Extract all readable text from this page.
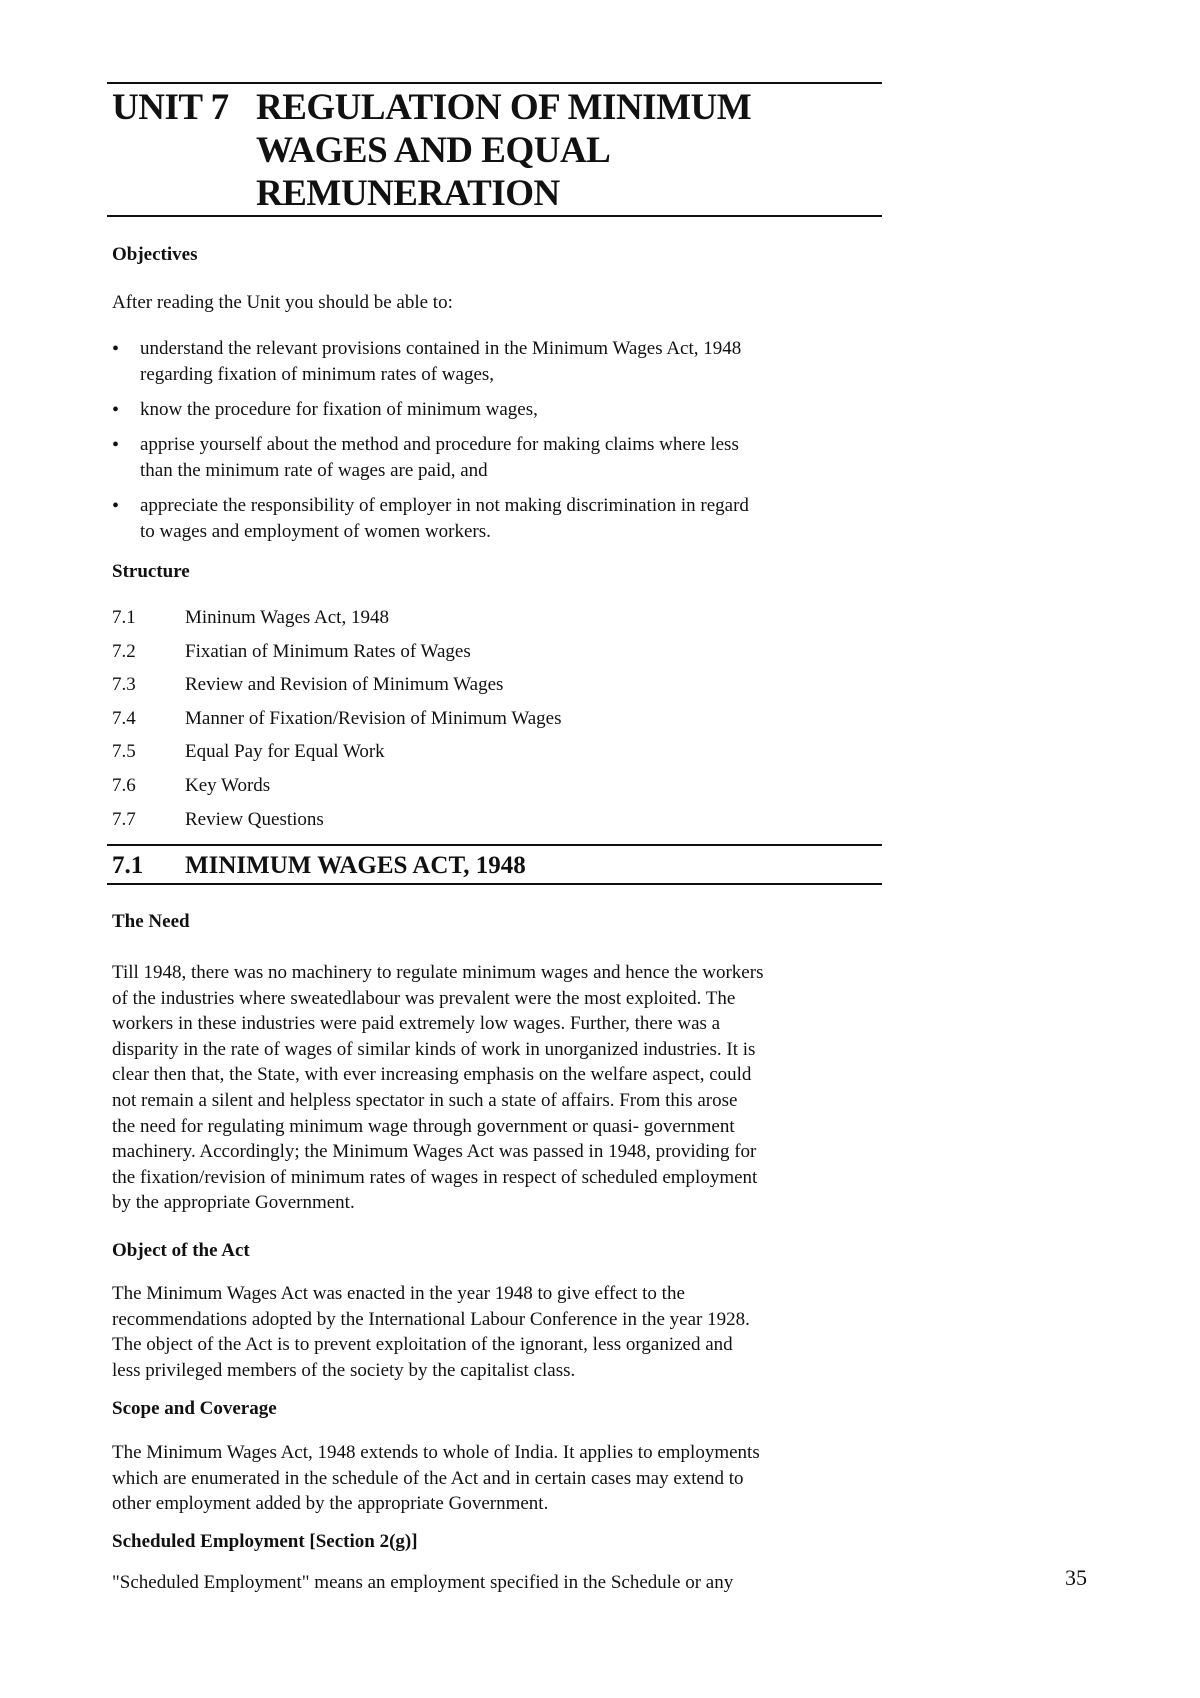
UNIT 7 REGULATION OF MINIMUM
WAGES AND EQUAL
REMUNERATION
Objectives
After reading the Unit you should be able to:
• understand the relevant provisions contained in the Minimum Wages Act, 1948
regarding fixation of minimum rates of wages,
• know the procedure for fixation of minimum wages,
• apprise yourself about the method and procedure for making claims where less
than the minimum rate of wages are paid, and
• appreciate the responsibility of employer in not making discrimination in regard
to wages and employment of women workers.
Structure
7.1	Mininum Wages Act, 1948
7.2	Fixatian of Minimum Rates of Wages
7.3	Review and Revision of Minimum Wages
7.4	Manner of Fixation/Revision of Minimum Wages
7.5	Equal Pay for Equal Work
7.6	Key Words
7.7	Review Questions
7.1 MINIMUM WAGES ACT, 1948
The Need
Till 1948, there was no machinery to regulate minimum wages and hence the workers
of the industries where sweatedlabour was prevalent were the most exploited. The
workers in these industries were paid extremely low wages. Further, there was a
disparity in the rate of wages of similar kinds of work in unorganized industries. It is
clear then that, the State, with ever increasing emphasis on the welfare aspect, could
not remain a silent and helpless spectator in such a state of affairs. From this arose
the need for regulating minimum wage through government or quasi- government
machinery. Accordingly; the Minimum Wages Act was passed in 1948, providing for
the fixation/revision of minimum rates of wages in respect of scheduled employment
by the appropriate Government.
Object of the Act
The Minimum Wages Act was enacted in the year 1948 to give effect to the
recommendations adopted by the International Labour Conference in the year 1928.
The object of the Act is to prevent exploitation of the ignorant, less organized and
less privileged members of the society by the capitalist class.
Scope and Coverage
The Minimum Wages Act, 1948 extends to whole of India. It applies to employments
which are enumerated in the schedule of the Act and in certain cases may extend to
other employment added by the appropriate Government.
Scheduled Employment [Section 2(g)]
"Scheduled Employment" means an employment specified in the Schedule or any	35
